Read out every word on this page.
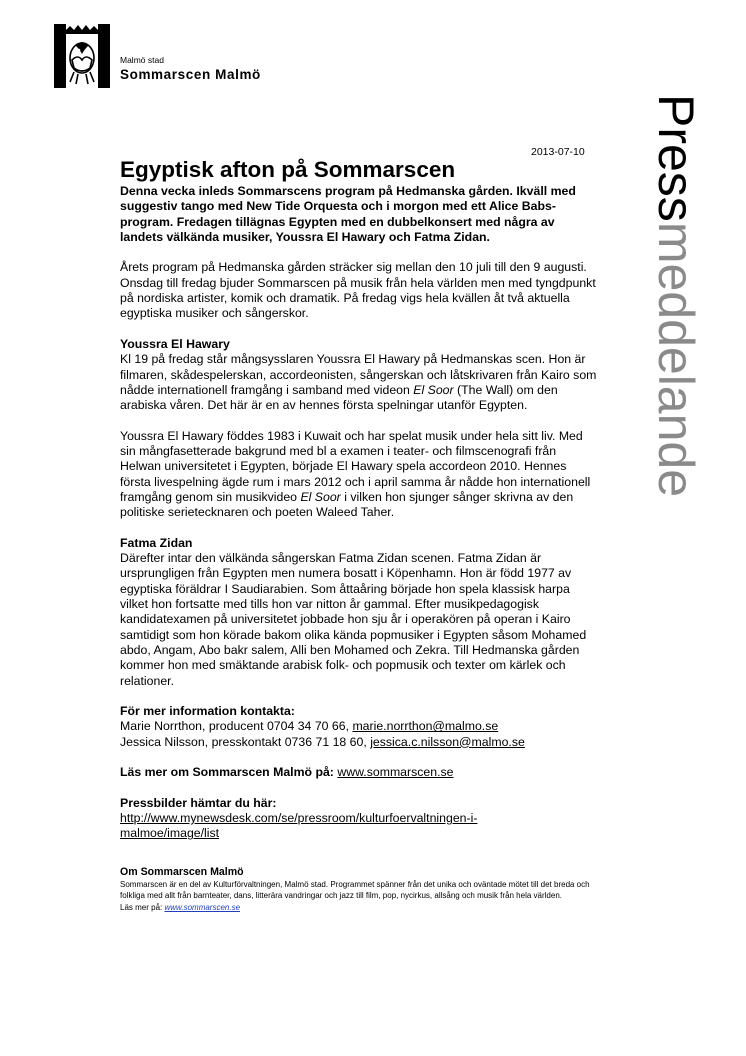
Malmö stad
Sommarscen Malmö
Pressmeddelande
2013-07-10
Egyptisk afton på Sommarscen

Denna vecka inleds Sommarscens program på Hedmanska gården. Ikväll med suggestiv tango med New Tide Orquesta och i morgon med ett Alice Babs-program. Fredagen tillägnas Egypten med en dubbelkonsert med några av landets välkända musiker, Youssra El Hawary och Fatma Zidan.

Årets program på Hedmanska gården sträcker sig mellan den 10 juli till den 9 augusti. Onsdag till fredag bjuder Sommarscen på musik från hela världen men med tyngdpunkt på nordiska artister, komik och dramatik. På fredag vigs hela kvällen åt två aktuella egyptiska musiker och sångerskor.

Youssra El Hawary

Kl 19 på fredag står mångsysslaren Youssra El Hawary på Hedmanskas scen. Hon är filmaren, skådespelerskan, accordeonisten, sångerskan och låtskrivaren från Kairo som nådde internationell framgång i samband med videon El Soor (The Wall) om den arabiska våren. Det här är en av hennes första spelningar utanför Egypten.

Youssra El Hawary föddes 1983 i Kuwait och har spelat musik under hela sitt liv. Med sin mångfasetterade bakgrund med bl a examen i teater- och filmscenografi från Helwan universitetet i Egypten, började El Hawary spela accordeon 2010. Hennes första livespelning ägde rum i mars 2012 och i april samma år nådde hon internationell framgång genom sin musikvideo El Soor i vilken hon sjunger sånger skrivna av den politiske serietecknaren och poeten Waleed Taher.

Fatma Zidan

Därefter intar den välkända sångerskan Fatma Zidan scenen. Fatma Zidan är ursprungligen från Egypten men numera bosatt i Köpenhamn. Hon är född 1977 av egyptiska föräldrar I Saudiarabien. Som åttaåring började hon spela klassisk harpa vilket hon fortsatte med tills hon var nitton år gammal. Efter musikpedagogisk kandidatexamen på universitetet jobbade hon sju år i operakören på operan i Kairo samtidigt som hon körade bakom olika kända popmusiker i Egypten såsom Mohamed abdo, Angam, Abo bakr salem, Alli ben Mohamed och Zekra. Till Hedmanska gården kommer hon med smäktande arabisk folk- och popmusik och texter om kärlek och relationer.

För mer information kontakta:

Marie Norrthon, producent 0704 34 70 66, marie.norrthon@malmo.se

Jessica Nilsson, presskontakt 0736 71 18 60, jessica.c.nilsson@malmo.se

Läs mer om Sommarscen Malmö på: www.sommarscen.se

Pressbilder hämtar du här:

http://www.mynewsdesk.com/se/pressroom/kulturfoervaltningen-i-
malmoe/image/list

Om Sommarscen Malmö

Sommarscen är en del av Kulturförvaltningen, Malmö stad. Programmet spänner från det unika och oväntade mötet till det breda och folkliga med allt från barnteater, dans, litterära vandringar och jazz till film, pop, nycirkus, allsång och musik från hela världen.

Läs mer på: www.sommarscen.se
